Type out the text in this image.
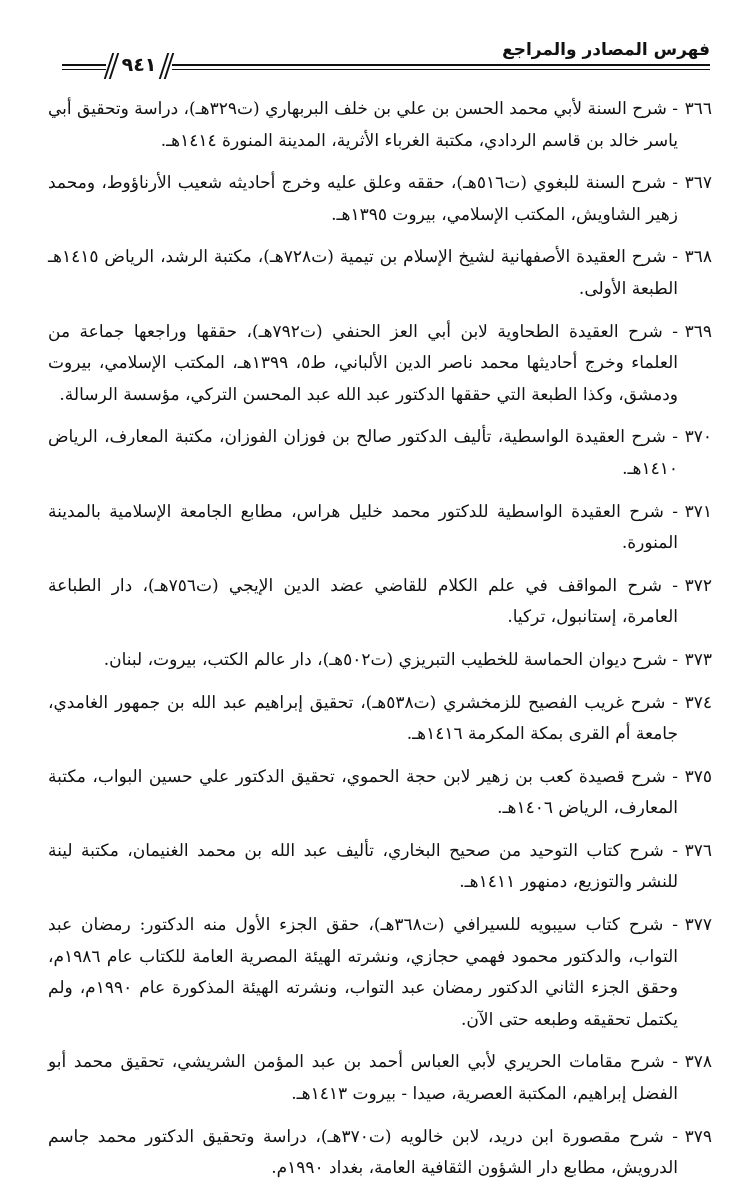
فهرس المصادر والمراجع
٩٤١
٣٦٦
- شرح السنة لأبي محمد الحسن بن علي بن خلف البربهاري (ت٣٢٩هـ)، دراسة وتحقيق أبي ياسر خالد بن قاسم الردادي، مكتبة الغرباء الأثرية، المدينة المنورة ١٤١٤هـ.
٣٦٧
- شرح السنة للبغوي (ت٥١٦هـ)، حققه وعلق عليه وخرج أحاديثه شعيب الأرناؤوط، ومحمد زهير الشاويش، المكتب الإسلامي، بيروت ١٣٩٥هـ.
٣٦٨
- شرح العقيدة الأصفهانية لشيخ الإسلام بن تيمية (ت٧٢٨هـ)، مكتبة الرشد، الرياض ١٤١٥هـ الطبعة الأولى.
٣٦٩
- شرح العقيدة الطحاوية لابن أبي العز الحنفي (ت٧٩٢هـ)، حققها وراجعها جماعة من العلماء وخرج أحاديثها محمد ناصر الدين الألباني، ط٥، ١٣٩٩هـ، المكتب الإسلامي، بيروت ودمشق، وكذا الطبعة التي حققها الدكتور عبد الله عبد المحسن التركي، مؤسسة الرسالة.
٣٧٠
- شرح العقيدة الواسطية، تأليف الدكتور صالح بن فوزان الفوزان، مكتبة المعارف، الرياض ١٤١٠هـ.
٣٧١
- شرح العقيدة الواسطية للدكتور محمد خليل هراس، مطابع الجامعة الإسلامية بالمدينة المنورة.
٣٧٢
- شرح المواقف في علم الكلام للقاضي عضد الدين الإيجي (ت٧٥٦هـ)، دار الطباعة العامرة، إستانبول، تركيا.
٣٧٣
- شرح ديوان الحماسة للخطيب التبريزي (ت٥٠٢هـ)، دار عالم الكتب، بيروت، لبنان.
٣٧٤
- شرح غريب الفصيح للزمخشري (ت٥٣٨هـ)، تحقيق إبراهيم عبد الله بن جمهور الغامدي، جامعة أم القرى بمكة المكرمة ١٤١٦هـ.
٣٧٥
- شرح قصيدة كعب بن زهير لابن حجة الحموي، تحقيق الدكتور علي حسين البواب، مكتبة المعارف، الرياض ١٤٠٦هـ.
٣٧٦
- شرح كتاب التوحيد من صحيح البخاري، تأليف عبد الله بن محمد الغنيمان، مكتبة لينة للنشر والتوزيع، دمنهور ١٤١١هـ.
٣٧٧
- شرح كتاب سيبويه للسيرافي (ت٣٦٨هـ)، حقق الجزء الأول منه الدكتور: رمضان عبد التواب، والدكتور محمود فهمي حجازي، ونشرته الهيئة المصرية العامة للكتاب عام ١٩٨٦م، وحقق الجزء الثاني الدكتور رمضان عبد التواب، ونشرته الهيئة المذكورة عام ١٩٩٠م، ولم يكتمل تحقيقه وطبعه حتى الآن.
٣٧٨
- شرح مقامات الحريري لأبي العباس أحمد بن عبد المؤمن الشريشي، تحقيق محمد أبو الفضل إبراهيم، المكتبة العصرية، صيدا - بيروت ١٤١٣هـ.
٣٧٩
- شرح مقصورة ابن دريد، لابن خالويه (ت٣٧٠هـ)، دراسة وتحقيق الدكتور محمد جاسم الدرويش، مطابع دار الشؤون الثقافية العامة، بغداد ١٩٩٠م.
